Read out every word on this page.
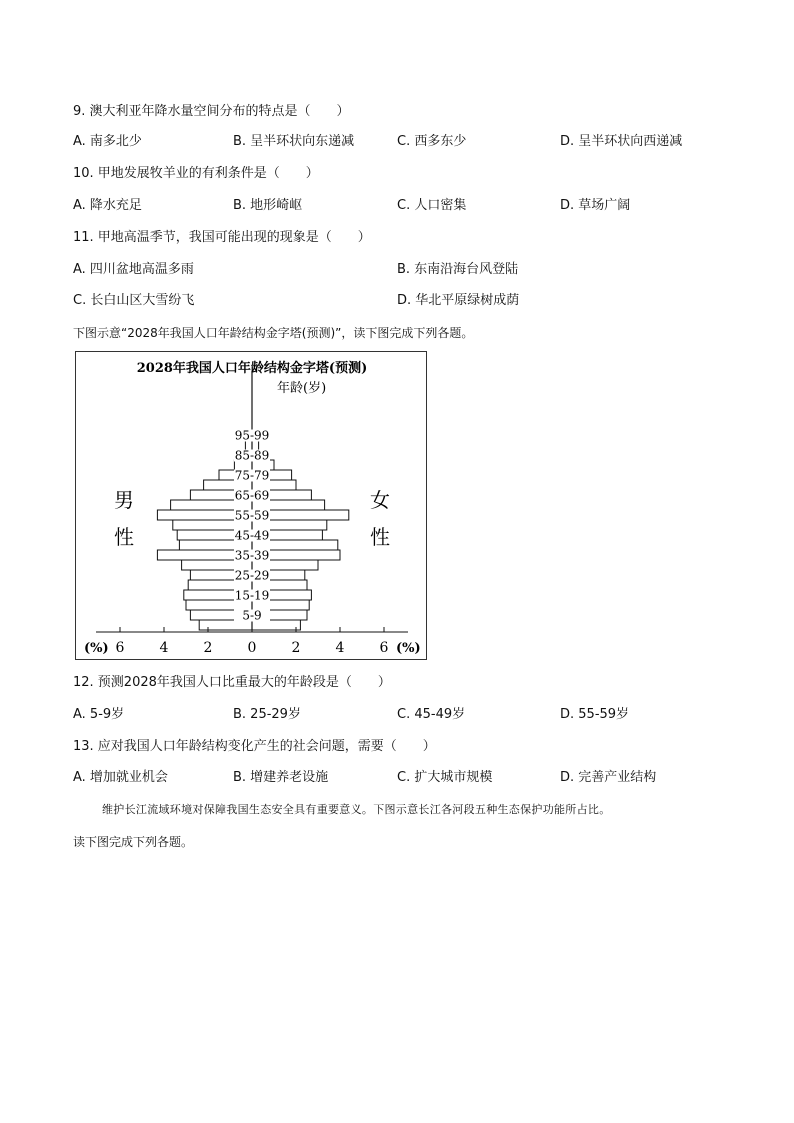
9. 澳大利亚年降水量空间分布的特点是（　　）
A. 南多北少	B. 呈半环状向东递减	C. 西多东少	D. 呈半环状向西递减
10. 甲地发展牧羊业的有利条件是（　　）
A. 降水充足	B. 地形崎岖	C. 人口密集	D. 草场广阔
11. 甲地高温季节，我国可能出现的现象是（　　）
A. 四川盆地高温多雨	B. 东南沿海台风登陆
C. 长白山区大雪纷飞	D. 华北平原绿树成荫
下图示意“2028年我国人口年龄结构金字塔(预测)”，读下图完成下列各题。
2028年我国人口年龄结构金字塔(预测)
年龄(岁)
95-99
85-89
75-79
65-69
55-59
45-49
35-39
25-29
15-19
5-9
男
性
女
性
6	4	2	0	2	4	6
(%)	(%)
12. 预测2028年我国人口比重最大的年龄段是（　　）
A. 5-9岁	B. 25-29岁	C. 45-49岁	D. 55-59岁
13. 应对我国人口年龄结构变化产生的社会问题，需要（　　）
A. 增加就业机会	B. 增建养老设施	C. 扩大城市规模	D. 完善产业结构
维护长江流域环境对保障我国生态安全具有重要意义。下图示意长江各河段五种生态保护功能所占比。
读下图完成下列各题。
